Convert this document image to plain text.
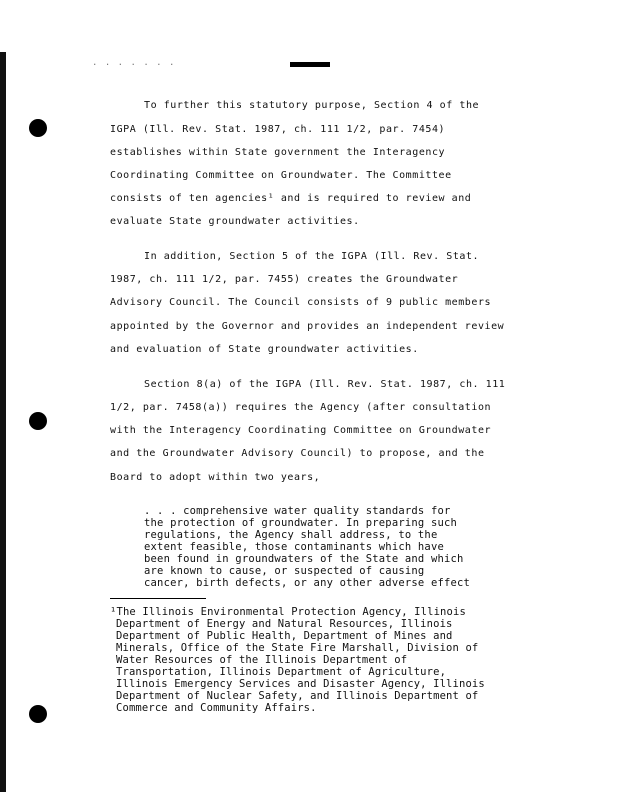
. . . . . . .
To further this statutory purpose, Section 4 of the
IGPA (Ill. Rev. Stat. 1987, ch. 111 1/2, par. 7454)
establishes within State government the Interagency
Coordinating Committee on Groundwater. The Committee
consists of ten agencies¹ and is required to review and
evaluate State groundwater activities.
In addition, Section 5 of the IGPA (Ill. Rev. Stat.
1987, ch. 111 1/2, par. 7455) creates the Groundwater
Advisory Council. The Council consists of 9 public members
appointed by the Governor and provides an independent review
and evaluation of State groundwater activities.
Section 8(a) of the IGPA (Ill. Rev. Stat. 1987, ch. 111
1/2, par. 7458(a)) requires the Agency (after consultation
with the Interagency Coordinating Committee on Groundwater
and the Groundwater Advisory Council) to propose, and the
Board to adopt within two years,
. . . comprehensive water quality standards for
the protection of groundwater. In preparing such
regulations, the Agency shall address, to the
extent feasible, those contaminants which have
been found in groundwaters of the State and which
are known to cause, or suspected of causing
cancer, birth defects, or any other adverse effect
¹The Illinois Environmental Protection Agency, Illinois
Department of Energy and Natural Resources, Illinois
Department of Public Health, Department of Mines and
Minerals, Office of the State Fire Marshall, Division of
Water Resources of the Illinois Department of
Transportation, Illinois Department of Agriculture,
Illinois Emergency Services and Disaster Agency, Illinois
Department of Nuclear Safety, and Illinois Department of
Commerce and Community Affairs.
